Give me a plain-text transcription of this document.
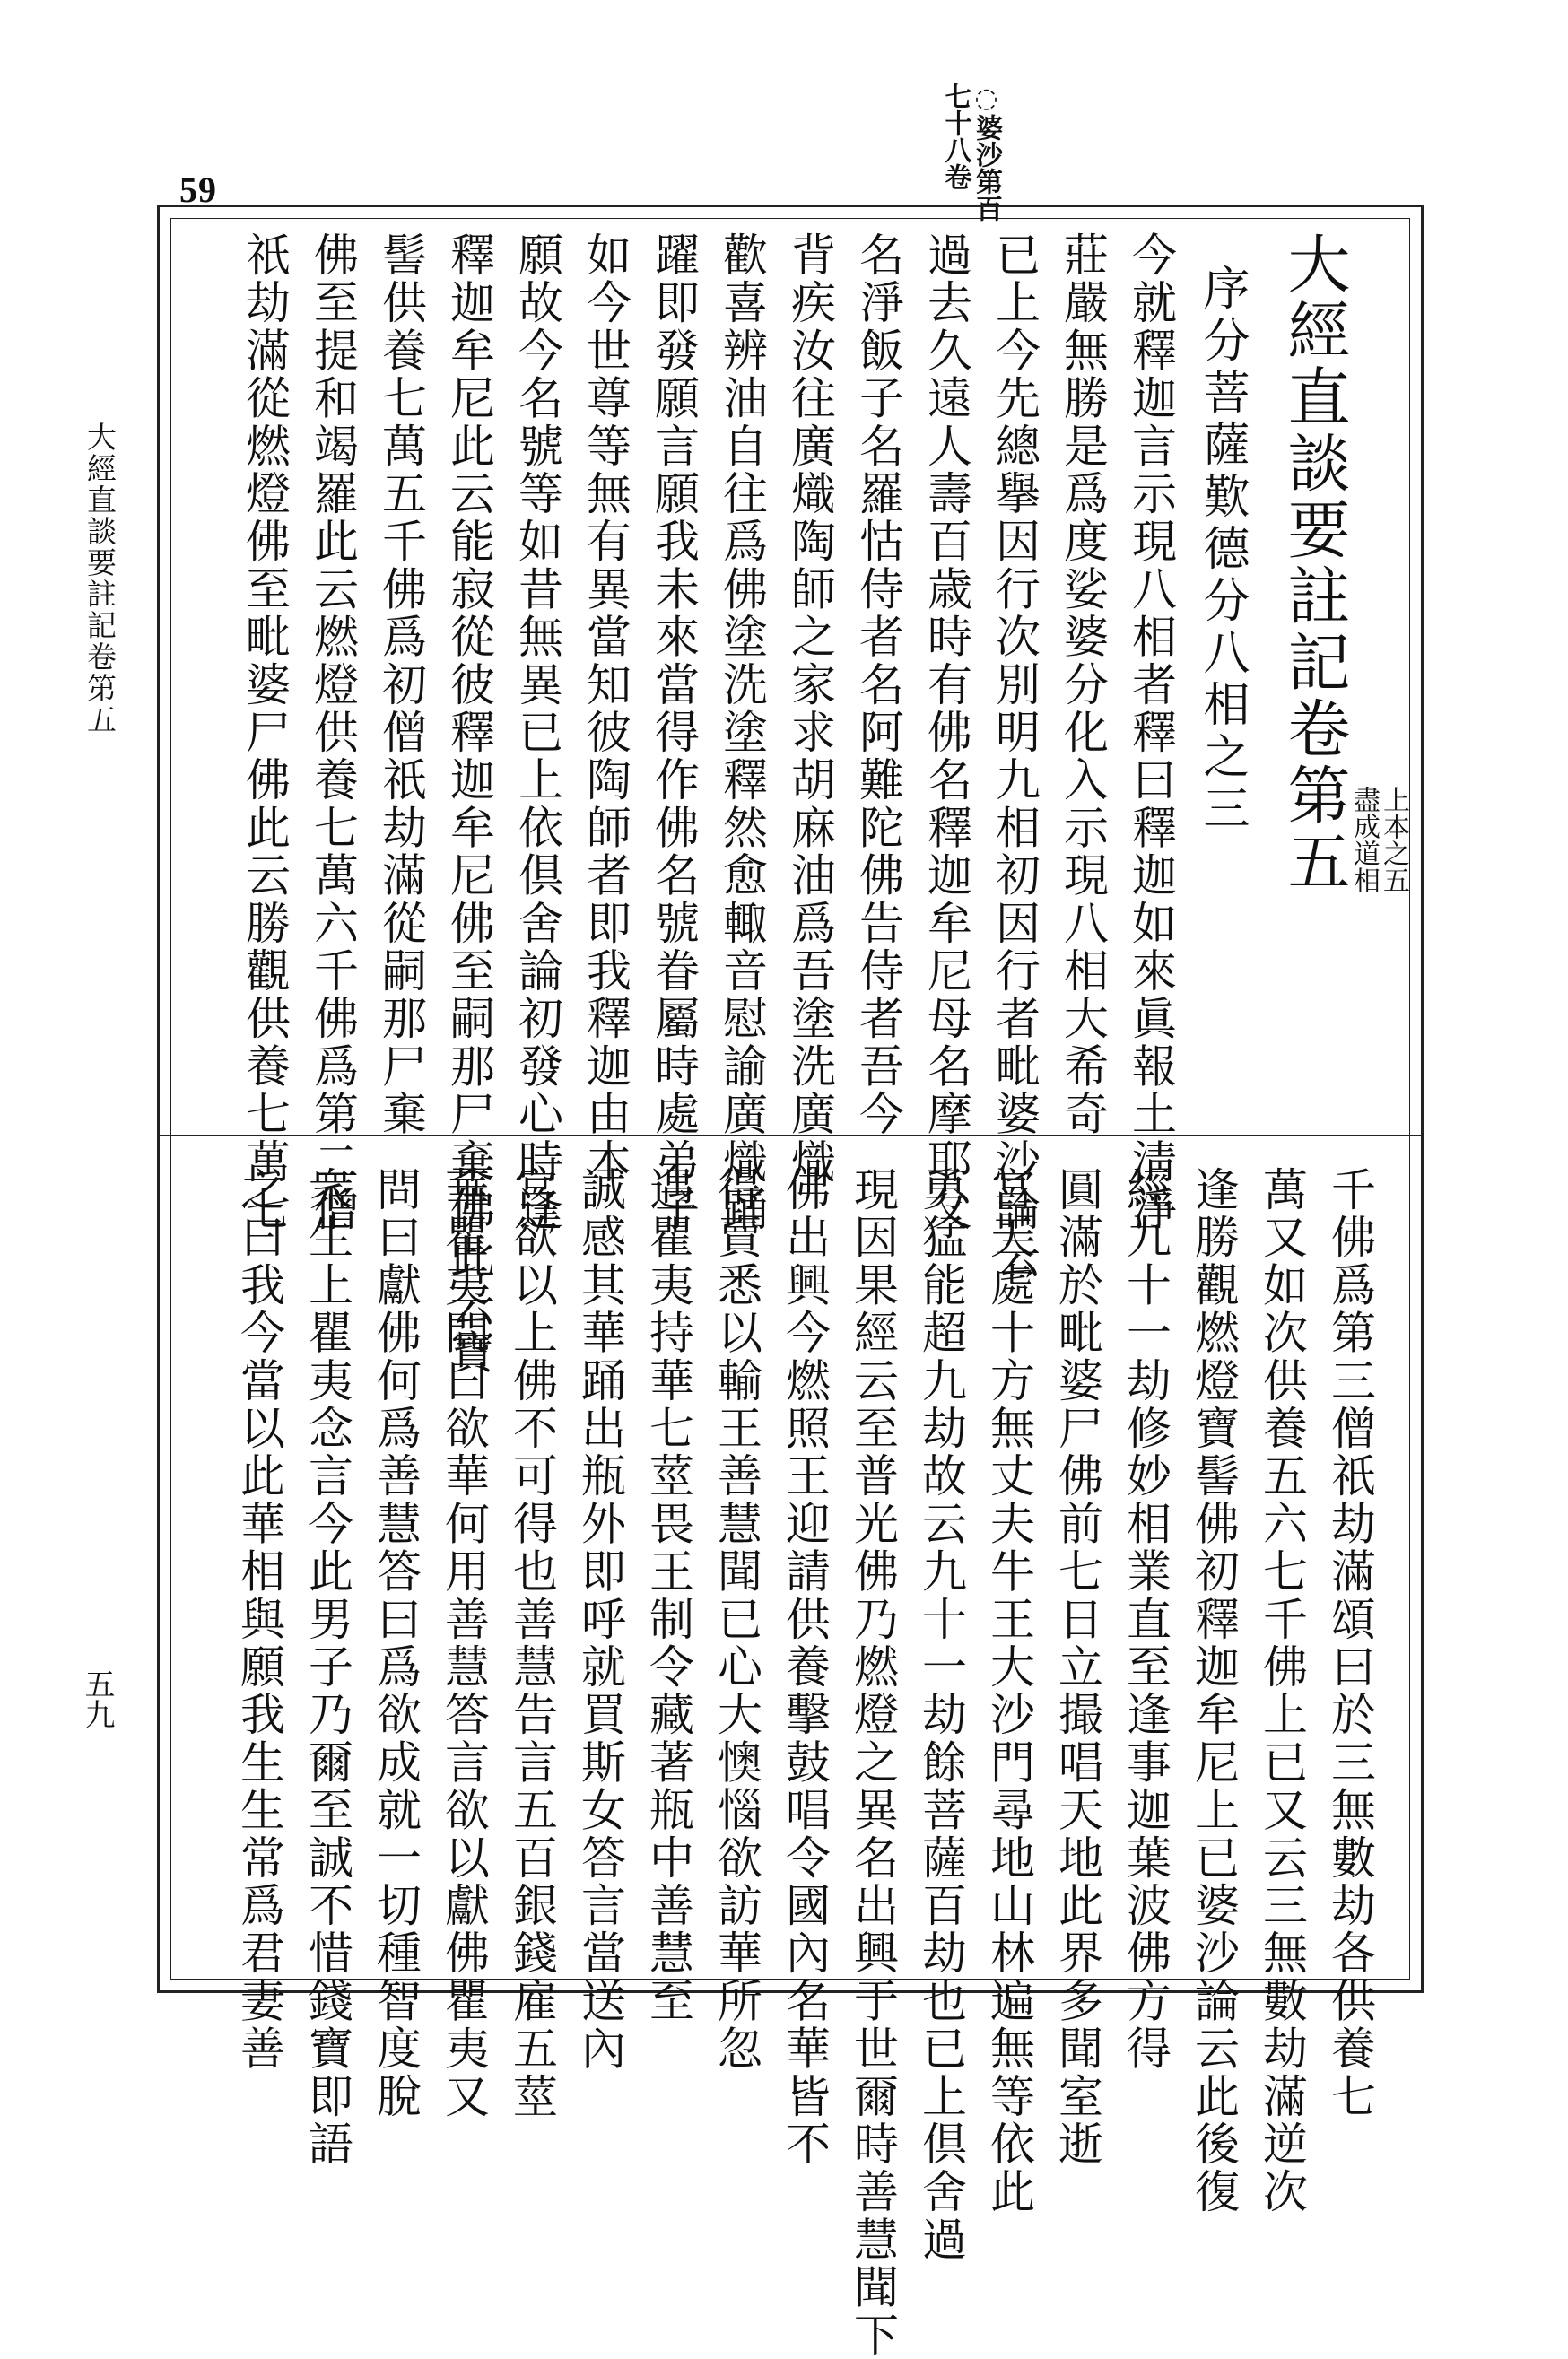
59	◌婆沙第百
七十八卷
大經直談要註記卷第五
五九
大經直談要註記卷第五	上本之五
盡成道相
序分菩薩歎德分八相之三
今就釋迦言示現八相者釋曰釋迦如來眞報土淸淨
莊嚴無勝是爲度娑婆分化入示現八相大希奇
已上今先總擧因行次別明九相初因行者毗婆沙論云
過去久遠人壽百歳時有佛名釋迦牟尼母名摩耶父
名淨飯子名羅怙侍者名阿難陀佛告侍者吾今
背疾汝往廣熾陶師之家求胡麻油爲吾塗洗廣熾
歡喜辨油自往爲佛塗洗塗釋然愈輙音慰諭廣熾踊
躍即發願言願我未來當得作佛名號眷屬時處弟子
如今世尊等無有異當知彼陶師者即我釋迦由本
願故今名號等如昔無異已上依倶舍論初發心時逢
釋迦牟尼此云能寂從彼釋迦牟尼佛至嗣那尸棄佛此云寶
髻供養七萬五千佛爲初僧祇劫滿從嗣那尸棄
佛至提和竭羅此云燃燈供養七萬六千佛爲第二僧
祇劫滿從燃燈佛至毗婆尸佛此云勝觀供養七萬七
千佛爲第三僧祇劫滿頌曰於三無數劫各供養七
萬又如次供養五六七千佛上已又云三無數劫滿逆次
逢勝觀燃燈寶髻佛初釋迦牟尼上已婆沙論云此後復
經九十一劫修妙相業直至逢事迦葉波佛方得
圓滿於毗婆尸佛前七日立撮唱天地此界多聞室逝
宮天處十方無丈夫牛王大沙門尋地山林遍無等依此
勇猛能超九劫故云九十一劫餘菩薩百劫也已上倶舍過
現因果經云至普光佛乃燃燈之異名出興于世爾時善慧聞下
佛出興今燃照王迎請供養擊鼓唱令國內名華皆不
得賣悉以輸王善慧聞已心大懊惱欲訪華所忽
遇瞿夷持華七莖畏王制令藏著瓶中善慧至
誠感其華踊出瓶外即呼就買斯女答言當送內
宮欲以上佛不可得也善慧告言五百銀錢雇五莖
華瞿夷問曰欲華何用善慧答言欲以獻佛瞿夷又
問曰獻佛何爲善慧答曰爲欲成就一切種智度脫
衆生上瞿夷念言今此男子乃爾至誠不惜錢寶即語
之曰我今當以此華相與願我生生常爲君妻善
